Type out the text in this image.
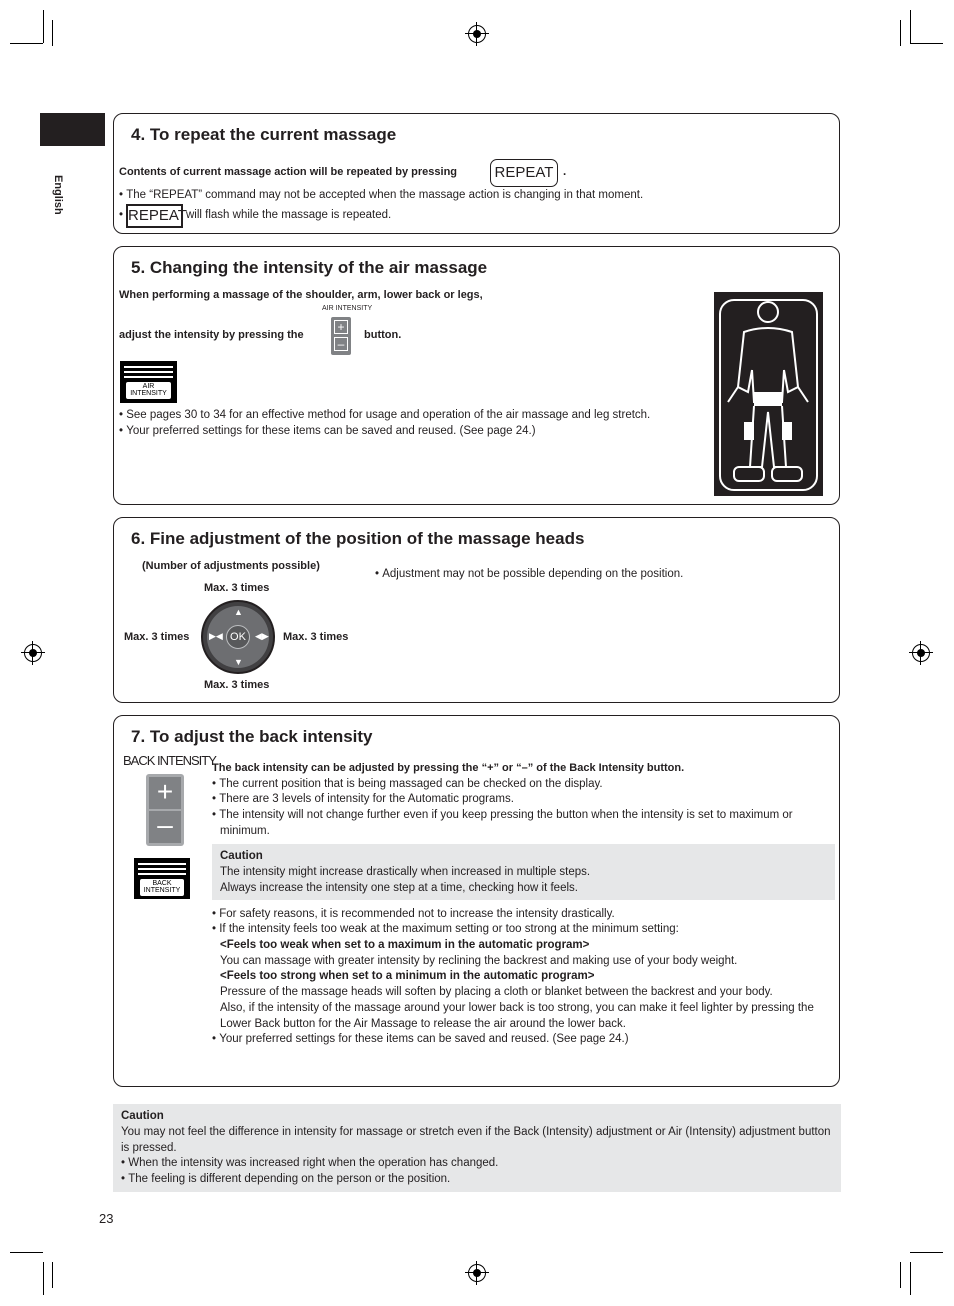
English
4. To repeat the current massage
Contents of current massage action will be repeated by pressing	REPEAT .
• The “REPEAT” command may not be accepted when the massage action is changing in that moment.
• REPEAT will flash while the massage is repeated.
5. Changing the intensity of the air massage
When performing a massage of the shoulder, arm, lower back or legs,
AIR INTENSITY
adjust the intensity by pressing the
+
–
button.
AIR
INTENSITY
• See pages 30 to 34 for an effective method for usage and operation of the air massage and leg stretch.
• Your preferred settings for these items can be saved and reused. (See page 24.)
6. Fine adjustment of the position of the massage heads
(Number of adjustments possible)
Max. 3 times
Max. 3 times	Max. 3 times
Max. 3 times
OK
▲
▼
▶◀	◀▶
• Adjustment may not be possible depending on the position.
7. To adjust the back intensity
BACK INTENSITY
+
–
BACK
INTENSITY
The back intensity can be adjusted by pressing the “+” or “–” of the Back Intensity button.
• The current position that is being massaged can be checked on the display.
• There are 3 levels of intensity for the Automatic programs.
• The intensity will not change further even if you keep pressing the button when the intensity is set to maximum or minimum.
Caution
The intensity might increase drastically when increased in multiple steps.
Always increase the intensity one step at a time, checking how it feels.
• For safety reasons, it is recommended not to increase the intensity drastically.
• If the intensity feels too weak at the maximum setting or too strong at the minimum setting:
<Feels too weak when set to a maximum in the automatic program>
You can massage with greater intensity by reclining the backrest and making use of your body weight.
<Feels too strong when set to a minimum in the automatic program>
Pressure of the massage heads will soften by placing a cloth or blanket between the backrest and your body.
Also, if the intensity of the massage around your lower back is too strong, you can make it feel lighter by pressing the Lower Back button for the Air Massage to release the air around the lower back.
• Your preferred settings for these items can be saved and reused. (See page 24.)
Caution
You may not feel the difference in intensity for massage or stretch even if the Back (Intensity) adjustment or Air (Intensity) adjustment button is pressed.
• When the intensity was increased right when the operation has changed.
• The feeling is different depending on the person or the position.
23
